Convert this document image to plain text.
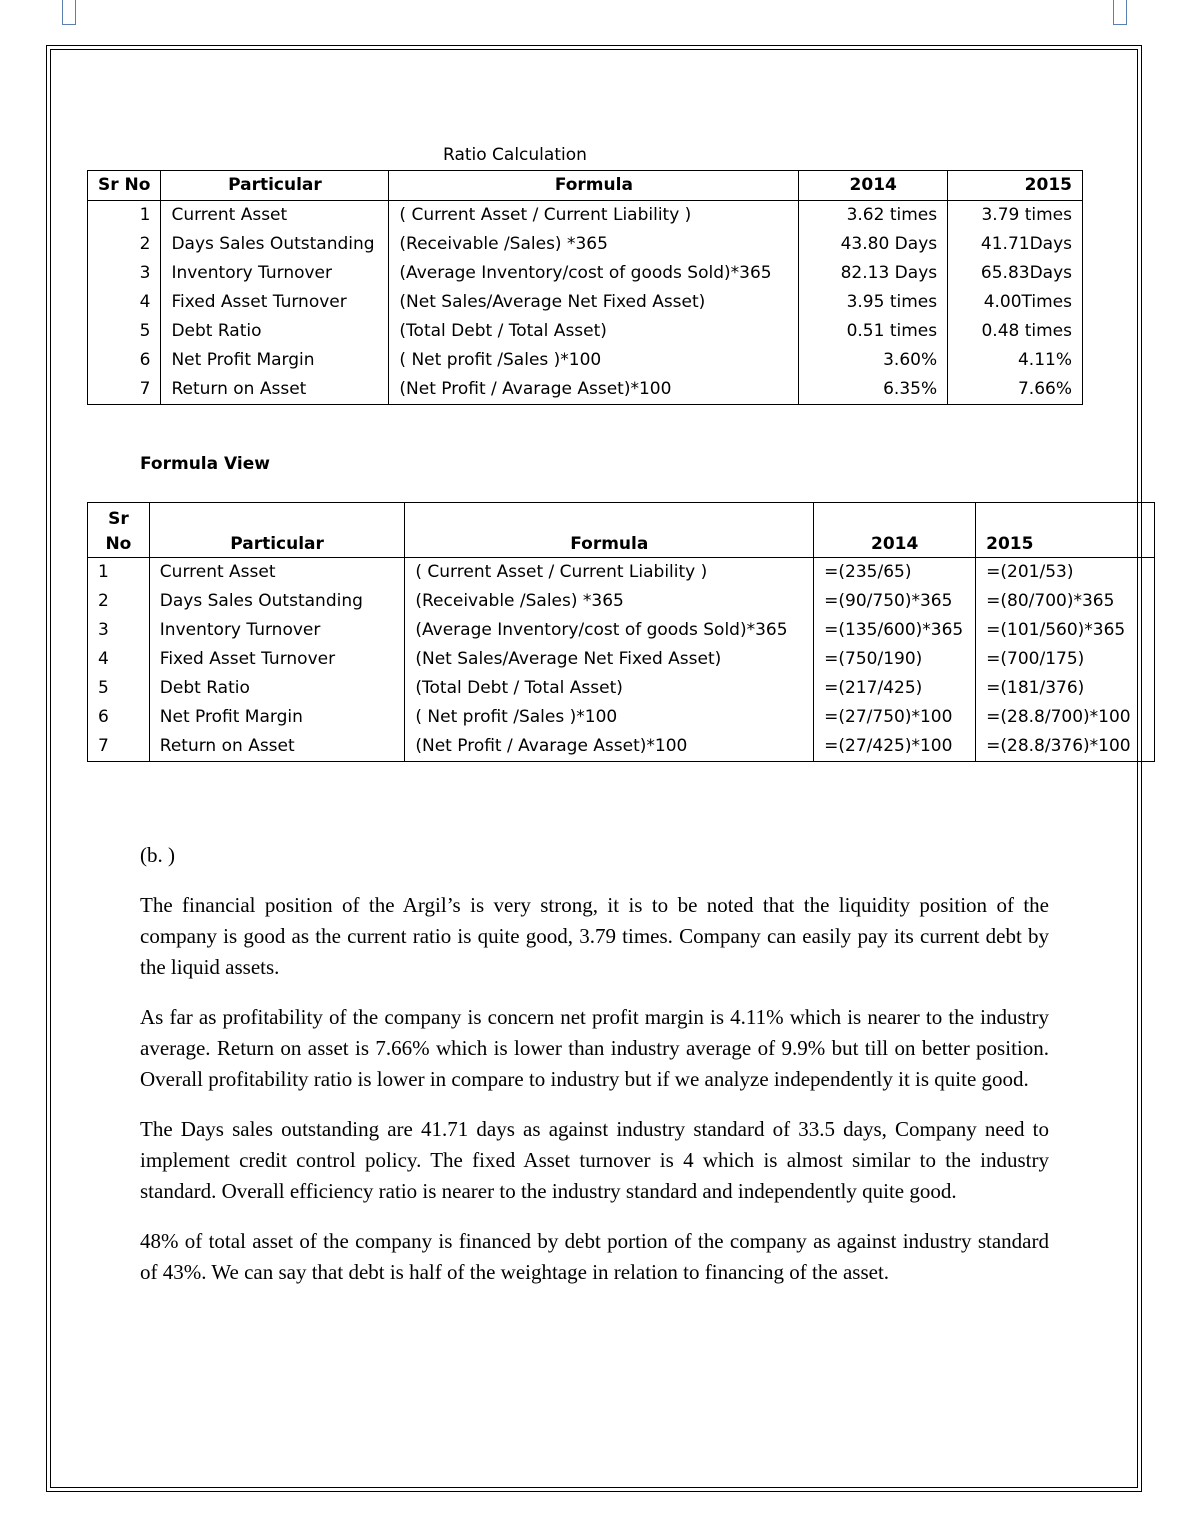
Ratio Calculation
Sr No	Particular	Formula	2014	2015
1	Current Asset	( Current Asset / Current Liability )	3.62 times	3.79 times
2	Days Sales Outstanding	(Receivable /Sales) *365	43.80 Days	41.71Days
3	Inventory Turnover	(Average Inventory/cost of goods Sold)*365	82.13 Days	65.83Days
4	Fixed Asset Turnover	(Net Sales/Average Net Fixed Asset)	3.95 times	4.00Times
5	Debt Ratio	(Total Debt / Total Asset)	0.51 times	0.48 times
6	Net Profit Margin	( Net profit /Sales )*100	3.60%	4.11%
7	Return on Asset	(Net Profit / Avarage Asset)*100	6.35%	7.66%
Formula View
Sr No	Particular	Formula	2014	2015
1	Current Asset	( Current Asset / Current Liability )	=(235/65)	=(201/53)
2	Days Sales Outstanding	(Receivable /Sales) *365	=(90/750)*365	=(80/700)*365
3	Inventory Turnover	(Average Inventory/cost of goods Sold)*365	=(135/600)*365	=(101/560)*365
4	Fixed Asset Turnover	(Net Sales/Average Net Fixed Asset)	=(750/190)	=(700/175)
5	Debt Ratio	(Total Debt / Total Asset)	=(217/425)	=(181/376)
6	Net Profit Margin	( Net profit /Sales )*100	=(27/750)*100	=(28.8/700)*100
7	Return on Asset	(Net Profit / Avarage Asset)*100	=(27/425)*100	=(28.8/376)*100

(b. )

The financial position of the Argil’s is very strong, it is to be noted that the liquidity position of the company is good as the current ratio is quite good, 3.79 times. Company can easily pay its current debt by the liquid assets.

As far as profitability of the company is concern net profit margin is 4.11% which is nearer to the industry average. Return on asset is 7.66% which is lower than industry average of 9.9% but till on better position. Overall profitability ratio is lower in compare to industry but if we analyze independently it is quite good.

The Days sales outstanding are 41.71 days as against industry standard of 33.5 days, Company need to implement credit control policy. The fixed Asset turnover is 4 which is almost similar to the industry standard. Overall efficiency ratio is nearer to the industry standard and independently quite good.

48% of total asset of the company is financed by debt portion of the company as against industry standard of 43%. We can say that debt is half of the weightage in relation to financing of the asset.
